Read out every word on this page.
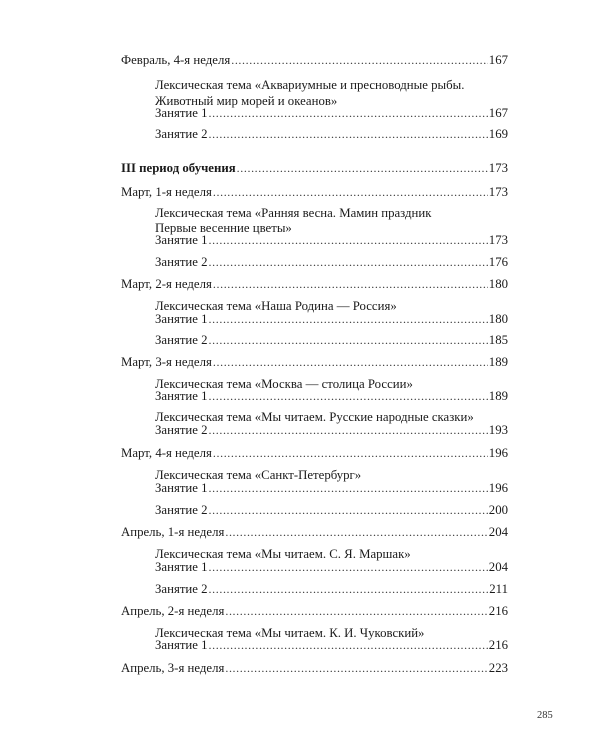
Февраль, 4-я неделя .....	167
Лексическая тема «Аквариумные и пресноводные рыбы.
Животный мир морей и океанов»
Занятие 1 .....	167
Занятие 2 .....	169
III период обучения .....	173
Март, 1-я неделя .....	173
Лексическая тема «Ранняя весна. Мамин праздник
Первые весенние цветы»
Занятие 1 .....	173
Занятие 2 .....	176
Март, 2-я неделя .....	180
Лексическая тема «Наша Родина — Россия»
Занятие 1 .....	180
Занятие 2 .....	185
Март, 3-я неделя .....	189
Лексическая тема «Москва — столица России»
Занятие 1 .....	189
Лексическая тема «Мы читаем. Русские народные сказки»
Занятие 2 .....	193
Март, 4-я неделя .....	196
Лексическая тема «Санкт-Петербург»
Занятие 1 .....	196
Занятие 2 .....	200
Апрель, 1-я неделя .....	204
Лексическая тема «Мы читаем. С. Я. Маршак»
Занятие 1 .....	204
Занятие 2 .....	211
Апрель, 2-я неделя .....	216
Лексическая тема «Мы читаем. К. И. Чуковский»
Занятие 1 .....	216
Апрель, 3-я неделя .....	223
285
